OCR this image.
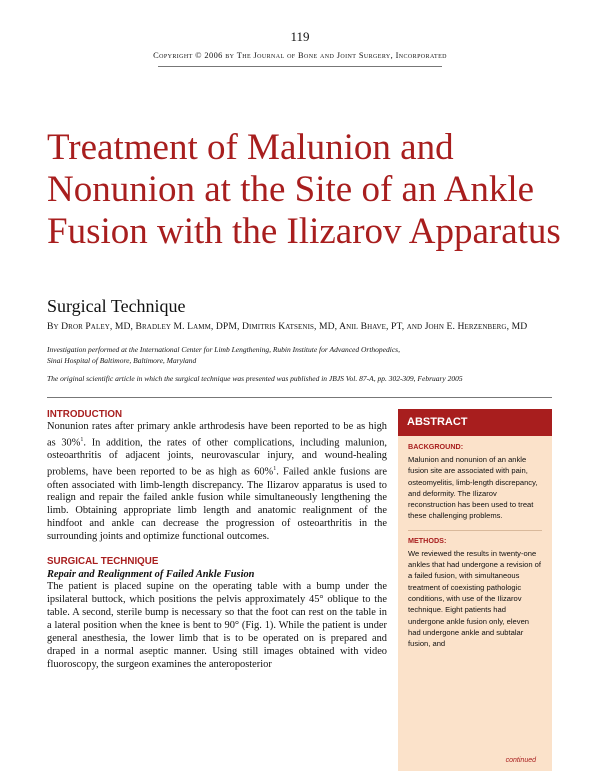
119
Copyright © 2006 by The Journal of Bone and Joint Surgery, Incorporated
Treatment of Malunion and Nonunion at the Site of an Ankle Fusion with the Ilizarov Apparatus
Surgical Technique
By Dror Paley, MD, Bradley M. Lamm, DPM, Dimitris Katsenis, MD, Anil Bhave, PT, and John E. Herzenberg, MD
Investigation performed at the International Center for Limb Lengthening, Rubin Institute for Advanced Orthopedics,
Sinai Hospital of Baltimore, Baltimore, Maryland
The original scientific article in which the surgical technique was presented was published in JBJS Vol. 87-A, pp. 302-309, February 2005
INTRODUCTION

Nonunion rates after primary ankle arthrodesis have been reported to be as high as 30%$^1$. In addition, the rates of other complications, including malunion, osteoarthritis of adjacent joints, neurovascular injury, and wound-healing problems, have been reported to be as high as 60%$^1$. Failed ankle fusions are often associated with limb-length discrepancy. The Ilizarov apparatus is used to realign and repair the failed ankle fusion while simultaneously lengthening the limb. Obtaining appropriate limb length and anatomic realignment of the hindfoot and ankle can decrease the progression of osteoarthritis in the surrounding joints and optimize functional outcomes.

SURGICAL TECHNIQUE
Repair and Realignment of Failed Ankle Fusion

The patient is placed supine on the operating table with a bump under the ipsilateral buttock, which positions the pelvis approximately 45° oblique to the table. A second, sterile bump is necessary so that the foot can rest on the table in a lateral position when the knee is bent to 90° (Fig. 1). While the patient is under general anesthesia, the lower limb that is to be operated on is prepared and draped in a normal aseptic manner. Using still images obtained with video fluoroscopy, the surgeon examines the anteroposterior

ABSTRACT
BACKGROUND:

Malunion and nonunion of an ankle fusion site are associated with pain, osteomyelitis, limb-length discrepancy, and deformity. The Ilizarov reconstruction has been used to treat these challenging problems.

METHODS:

We reviewed the results in twenty-one ankles that had undergone a revision of a failed fusion, with simultaneous treatment of coexisting pathologic conditions, with use of the Ilizarov technique. Eight patients had undergone ankle fusion only, eleven had undergone ankle and subtalar fusion, and

continued
